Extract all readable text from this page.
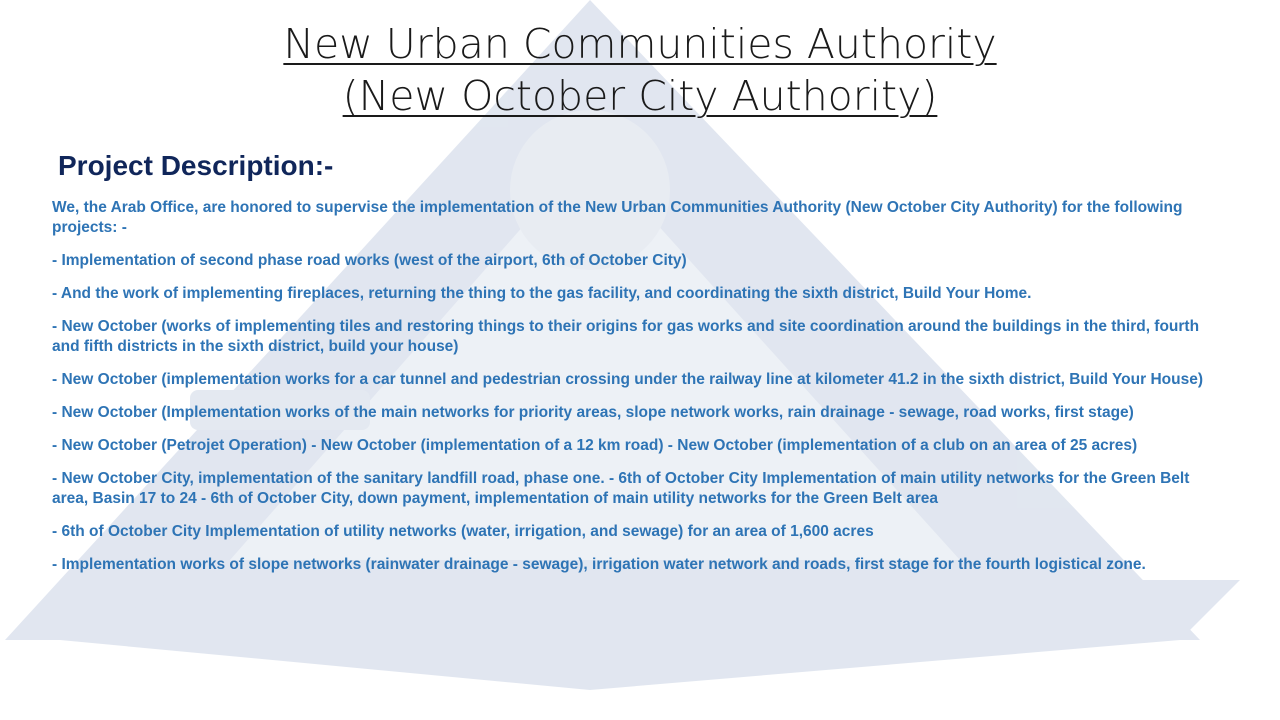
New Urban Communities Authority
(New October City Authority)
Project Description:-

We, the Arab Office, are honored to supervise the implementation of the New Urban Communities Authority (New October City Authority) for the following projects: -

- Implementation of second phase road works (west of the airport, 6th of October City)

- And the work of implementing fireplaces, returning the thing to the gas facility, and coordinating the sixth district, Build Your Home.

- New October (works of implementing tiles and restoring things to their origins for gas works and site coordination around the buildings in the third, fourth and fifth districts in the sixth district, build your house)

- New October (implementation works for a car tunnel and pedestrian crossing under the railway line at kilometer 41.2 in the sixth district, Build Your House)

- New October (Implementation works of the main networks for priority areas, slope network works, rain drainage - sewage, road works, first stage)

- New October (Petrojet Operation) - New October (implementation of a 12 km road) - New October (implementation of a club on an area of 25 acres)

- New October City, implementation of the sanitary landfill road, phase one. - 6th of October City Implementation of main utility networks for the Green Belt area, Basin 17 to 24 - 6th of October City, down payment, implementation of main utility networks for the Green Belt area

- 6th of October City Implementation of utility networks (water, irrigation, and sewage) for an area of 1,600 acres

- Implementation works of slope networks (rainwater drainage - sewage), irrigation water network and roads, first stage for the fourth logistical zone.
